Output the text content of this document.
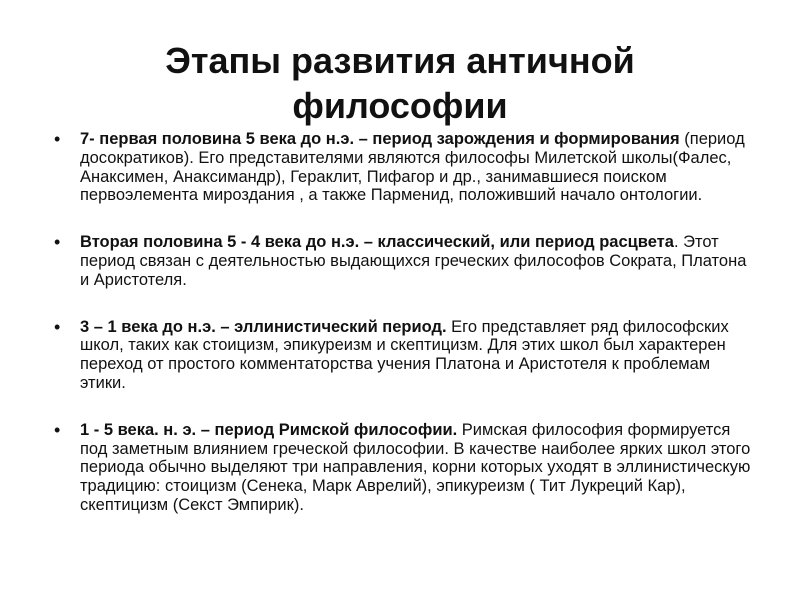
Этапы развития античной философии
• 7- первая половина 5 века до н.э. – период зарождения и формирования (период досократиков). Его представителями являются философы Милетской школы(Фалес, Анаксимен, Анаксимандр), Гераклит, Пифагор и др., занимавшиеся поиском первоэлемента мироздания , а также Парменид, положивший начало онтологии.
• Вторая половина 5 - 4 века до н.э. – классический, или период расцвета. Этот период связан с деятельностью выдающихся греческих философов Сократа, Платона и Аристотеля.
• 3 – 1 века до н.э. – эллинистический период. Его представляет ряд философских школ, таких как стоицизм, эпикуреизм и скептицизм. Для этих школ был характерен переход от простого комментаторства учения Платона и Аристотеля к проблемам этики.
• 1 - 5 века. н. э. – период Римской философии. Римская философия формируется под заметным влиянием греческой философии. В качестве наиболее ярких школ этого периода обычно выделяют три направления, корни которых уходят в эллинистическую традицию: стоицизм (Сенека, Марк Аврелий), эпикуреизм ( Тит Лукреций Кар), скептицизм (Секст Эмпирик).
